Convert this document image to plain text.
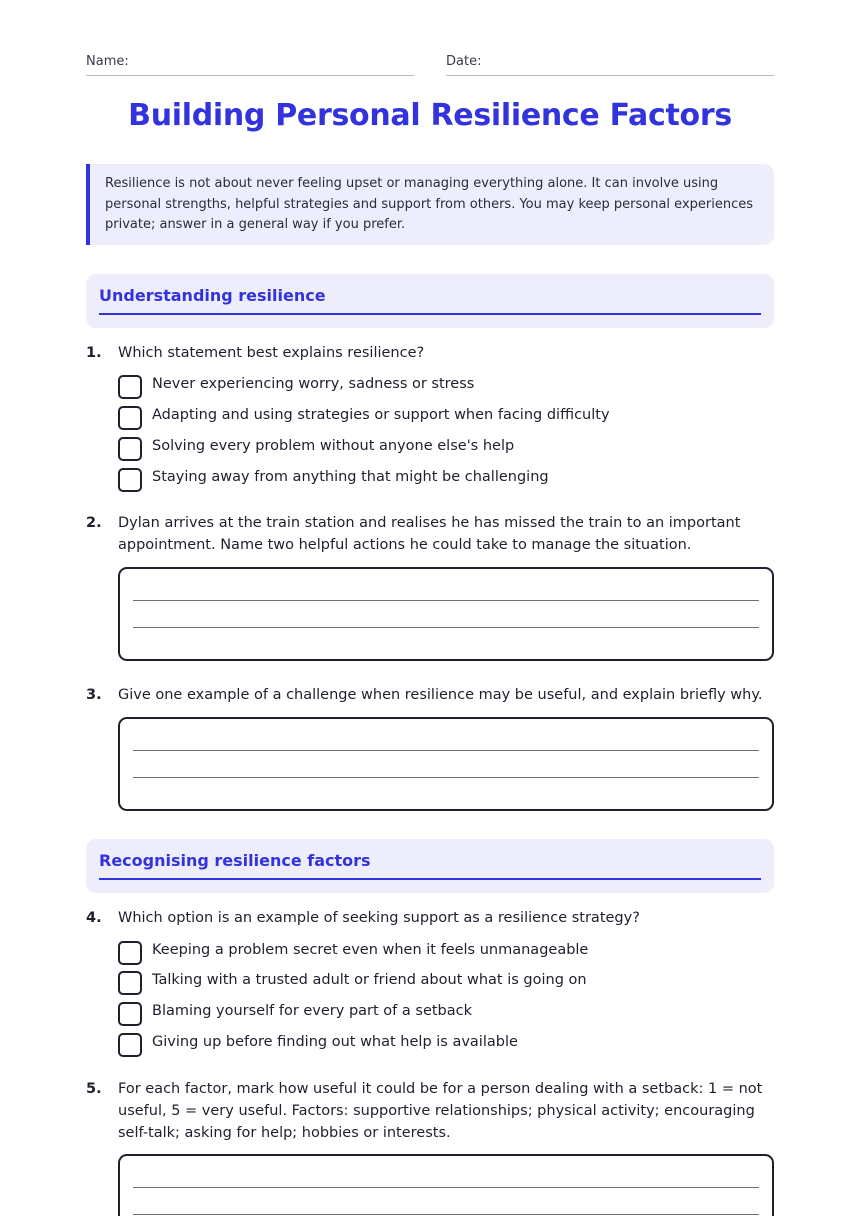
Name:	Date:
Building Personal Resilience Factors
Resilience is not about never feeling upset or managing everything alone. It can involve using personal strengths, helpful strategies and support from others. You may keep personal experiences private; answer in a general way if you prefer.
Understanding resilience
1. Which statement best explains resilience?
Never experiencing worry, sadness or stress
Adapting and using strategies or support when facing difficulty
Solving every problem without anyone else's help
Staying away from anything that might be challenging
2. Dylan arrives at the train station and realises he has missed the train to an important appointment. Name two helpful actions he could take to manage the situation.
3. Give one example of a challenge when resilience may be useful, and explain briefly why.
Recognising resilience factors
4. Which option is an example of seeking support as a resilience strategy?
Keeping a problem secret even when it feels unmanageable
Talking with a trusted adult or friend about what is going on
Blaming yourself for every part of a setback
Giving up before finding out what help is available
5. For each factor, mark how useful it could be for a person dealing with a setback: 1 = not useful, 5 = very useful. Factors: supportive relationships; physical activity; encouraging self-talk; asking for help; hobbies or interests.
